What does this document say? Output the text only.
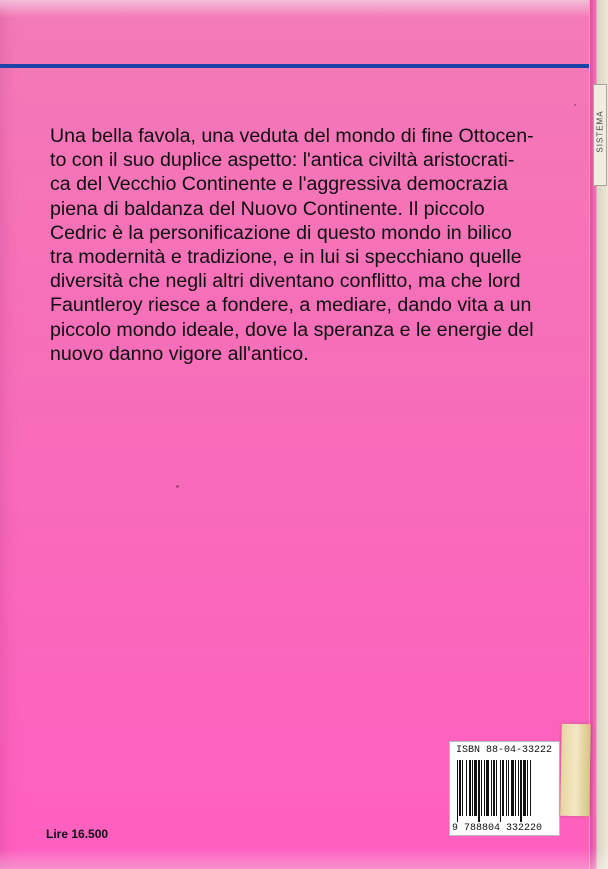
SISTEMA

Una bella favola, una veduta del mondo di fine Ottocen-
to con il suo duplice aspetto: l'antica civiltà aristocrati-
ca del Vecchio Continente e l'aggressiva democrazia
piena di baldanza del Nuovo Continente. Il piccolo
Cedric è la personificazione di questo mondo in bilico
tra modernità e tradizione, e in lui si specchiano quelle
diversità che negli altri diventano conflitto, ma che lord
Fauntleroy riesce a fondere, a mediare, dando vita a un
piccolo mondo ideale, dove la speranza e le energie del
nuovo danno vigore all'antico.

Lire 16.500
ISBN 88-04-33222
9 788804 332220
